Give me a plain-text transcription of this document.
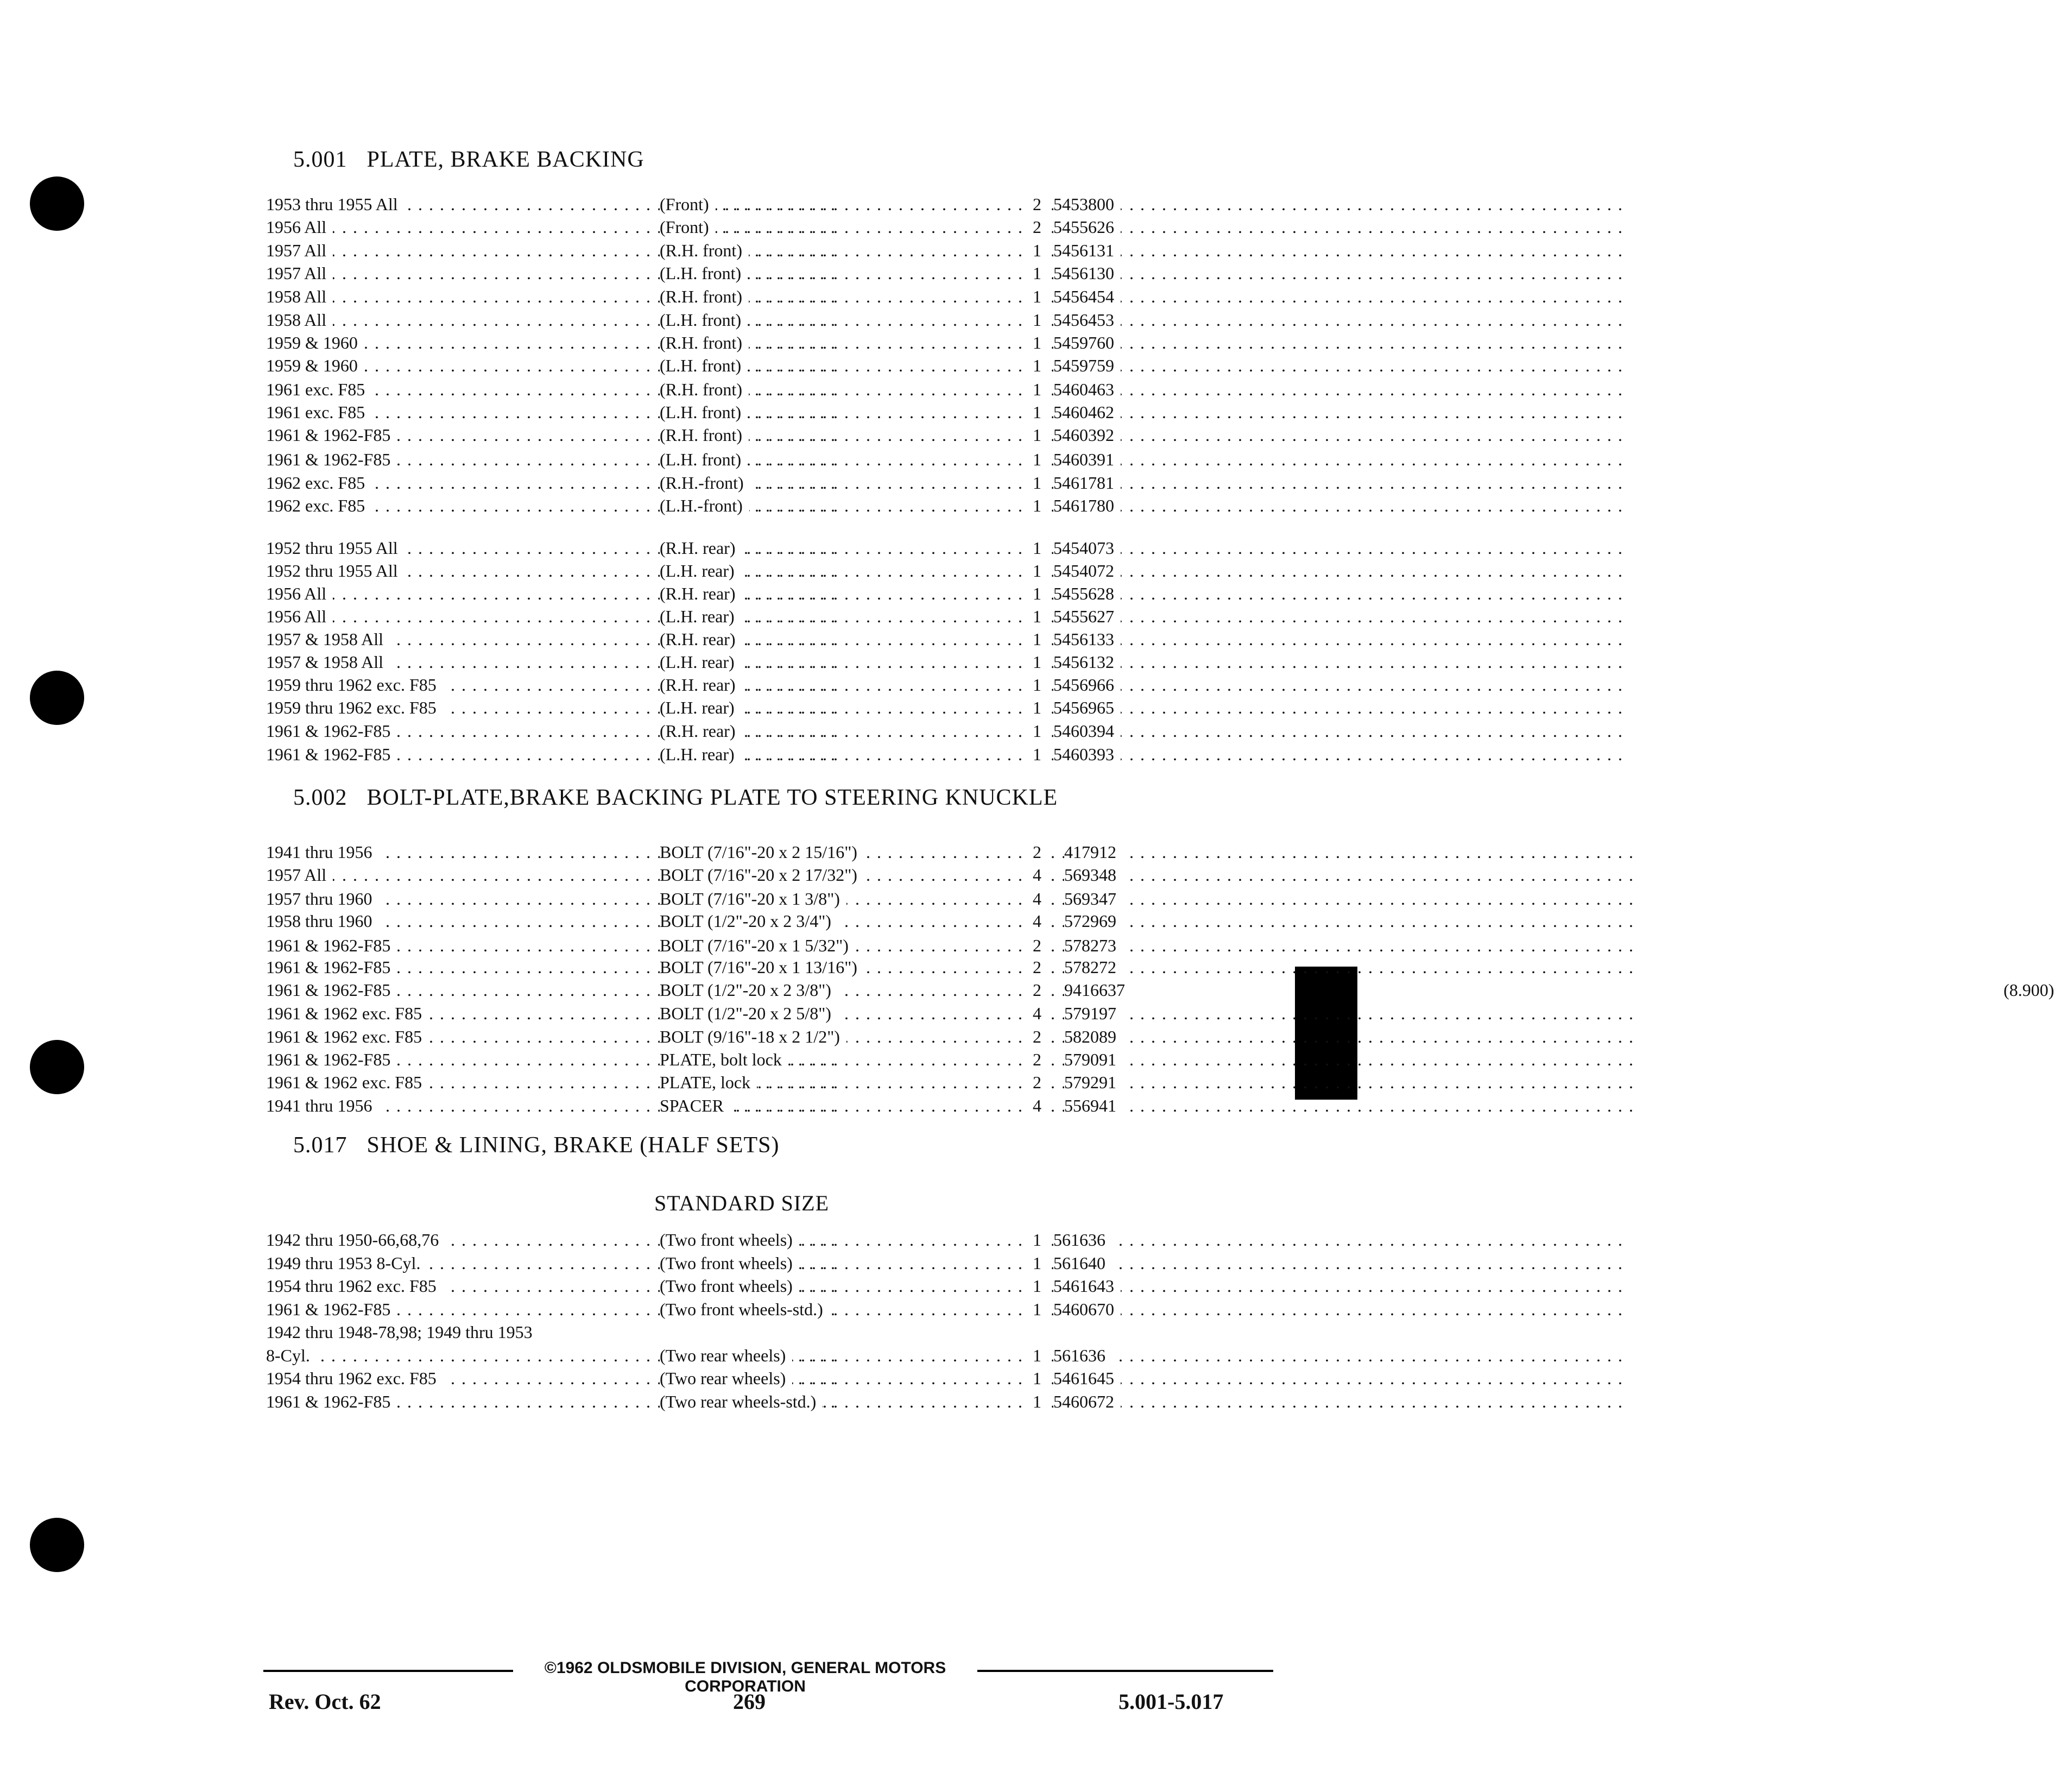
5.001 PLATE, BRAKE BACKING
5.002 BOLT-PLATE,BRAKE BACKING PLATE TO STEERING KNUCKLE
5.017 SHOE & LINING, BRAKE (HALF SETS)
STANDARD SIZE
. . .
1953 thru 1955 All . . .	(Front)	2 . . . 5453800
. . .
1956 All . . .	(Front)	2 . . . 5455626
. . .
1957 All . . .	(R.H. front)	1 . . . 5456131
. . .
1957 All . . .	(L.H. front)	1 . . . 5456130
. . .
1958 All . . .	(R.H. front)	1 . . . 5456454
. . .
1958 All . . .	(L.H. front)	1 . . . 5456453
. . .
1959 & 1960 . . .	(R.H. front)	1 . . . 5459760
. . .
1959 & 1960 . . .	(L.H. front)	1 . . . 5459759
. . .
1961 exc. F85 . . .	(R.H. front)	1 . . . 5460463
. . .
1961 exc. F85 . . .	(L.H. front)	1 . . . 5460462
. . .
1961 & 1962-F85 . . .	(R.H. front)	1 . . . 5460392
. . .
1961 & 1962-F85 . . .	(L.H. front)	1 . . . 5460391
. . .
1962 exc. F85 . . .	(R.H.-front)	1 . . . 5461781
. . .
1962 exc. F85 . . .	(L.H.-front)	1 . . . 5461780
. . .
1952 thru 1955 All . . .	(R.H. rear)	1 . . . 5454073
. . .
1952 thru 1955 All . . .	(L.H. rear)	1 . . . 5454072
. . .
1956 All . . .	(R.H. rear)	1 . . . 5455628
. . .
1956 All . . .	(L.H. rear)	1 . . . 5455627
. . .
1957 & 1958 All . . .	(R.H. rear)	1 . . . 5456133
. . .
1957 & 1958 All . . .	(L.H. rear)	1 . . . 5456132
. . .
1959 thru 1962 exc. F85 . . .	(R.H. rear)	1 . . . 5456966
. . .
1959 thru 1962 exc. F85 . . .	(L.H. rear)	1 . . . 5456965
. . .
1961 & 1962-F85 . . .	(R.H. rear)	1 . . . 5460394
. . .
1961 & 1962-F85 . . .	(L.H. rear)	1 . . . 5460393
. . .
1941 thru 1956 . . .	BOLT (7/16"-20 x 2 15/16")	2 . . .	417912
. . .
1957 All . . .	BOLT (7/16"-20 x 2 17/32")	4 . . .	569348
. . .
1957 thru 1960 . . .	BOLT (7/16"-20 x 1 3/8")	4 . . .	569347
. . .
1958 thru 1960 . . .	BOLT (1/2"-20 x 2 3/4")	4 . . .	572969
. . .
1961 & 1962-F85 . . .	BOLT (7/16"-20 x 1 5/32")	2 . . .	578273
. . .
1961 & 1962-F85 . . .	BOLT (7/16"-20 x 1 13/16")	2 . . .	578272
. . .
1961 & 1962-F85 . . .	BOLT (1/2"-20 x 2 3/8")	2	9416637	(8.900)
. . .
1961 & 1962 exc. F85 . . .	BOLT (1/2"-20 x 2 5/8")	4 . . .	579197
. . .
1961 & 1962 exc. F85 . . .	BOLT (9/16"-18 x 2 1/2")	2 . . .	582089
. . .
1961 & 1962-F85 . . .	PLATE, bolt lock	2 . . .	579091
. . .
1961 & 1962 exc. F85 . . .	PLATE, lock	2 . . .	579291
. . .
1941 thru 1956 . . .	SPACER	4 . . .	556941
. . .
1942 thru 1950-66,68,76 . . .	(Two front wheels)	1 . . . 561636
. . .
1949 thru 1953 8-Cyl. . . .	(Two front wheels)	1 . . . 561640
. . .
1954 thru 1962 exc. F85 . . .	(Two front wheels)	1 . . . 5461643
. . .
1961 & 1962-F85 . . .	(Two front wheels-std.)	1 . . . 5460670
1942 thru 1948-78,98; 1949 thru 1953
. . .
8-Cyl. . . .	(Two rear wheels)	1 . . . 561636
. . .
1954 thru 1962 exc. F85 . . .	(Two rear wheels)	1 . . . 5461645
. . .
1961 & 1962-F85 . . .	(Two rear wheels-std.)	1 . . . 5460672
©1962 OLDSMOBILE DIVISION, GENERAL MOTORS CORPORATION
Rev. Oct. 62	269	5.001-5.017
